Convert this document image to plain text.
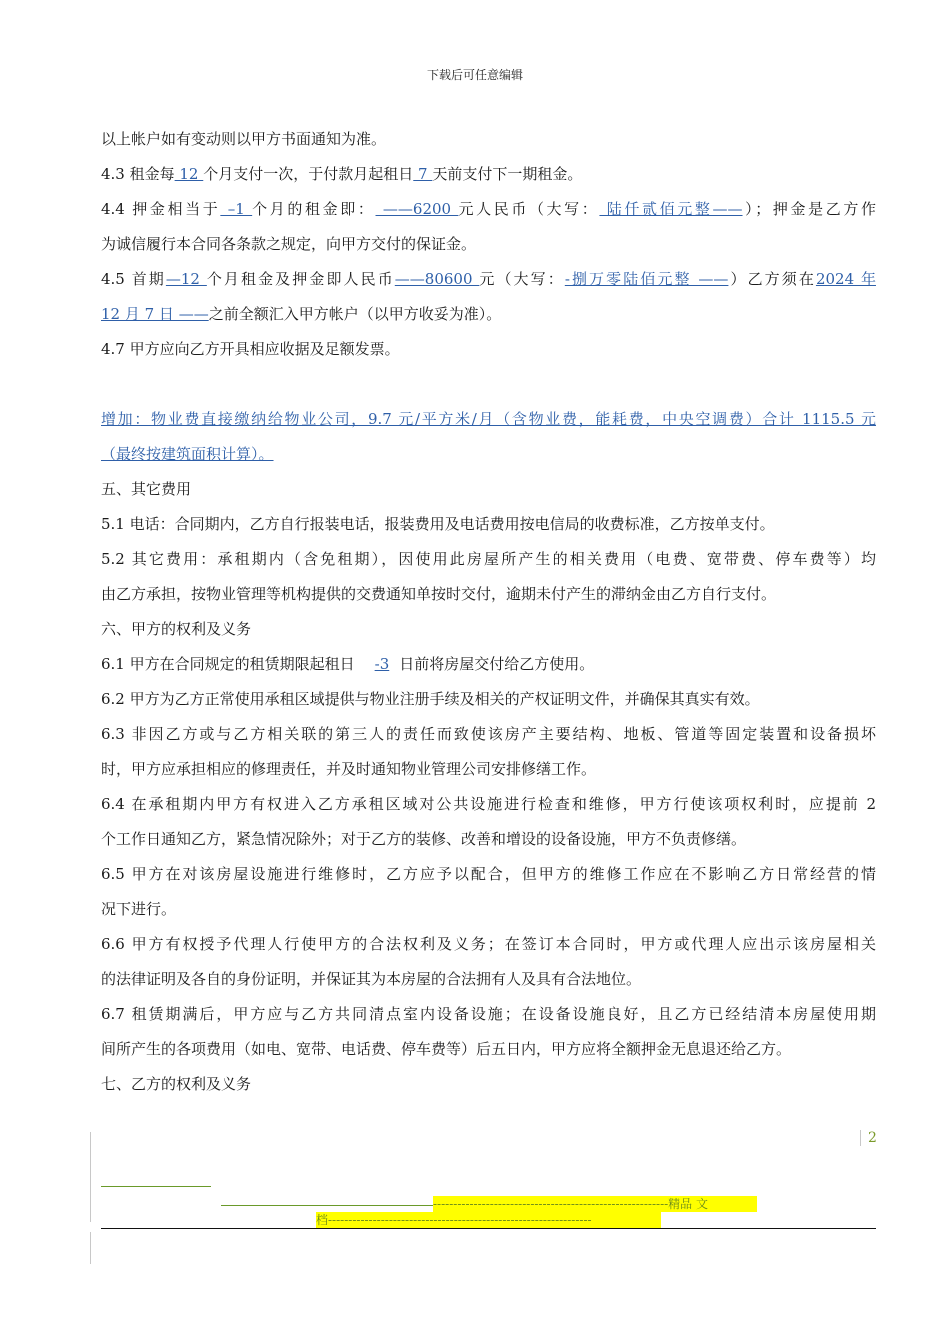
下载后可任意编辑
以上帐户如有变动则以甲方书面通知为准。
4.3 租金每 12 个月支付一次，于付款月起租日 7 天前支付下一期租金。
4.4 押金相当于 –1 个月的租金即： ——6200 元人民币（大写： 陆仟贰佰元整——）；押金是乙方作
为诚信履行本合同各条款之规定，向甲方交付的保证金。
4.5 首期—12 个月租金及押金即人民币——80600 元（大写：-捌万零陆佰元整 ——）乙方须在2024 年
12 月 7 日 ——之前全额汇入甲方帐户（以甲方收妥为准）。
4.7 甲方应向乙方开具相应收据及足额发票。
增加：物业费直接缴纳给物业公司，9.7 元/平方米/月（含物业费，能耗费，中央空调费）合计 1115.5 元
（最终按建筑面积计算）。
五、其它费用
5.1 电话：合同期内，乙方自行报装电话，报装费用及电话费用按电信局的收费标准，乙方按单支付。
5.2 其它费用：承租期内（含免租期），因使用此房屋所产生的相关费用（电费、宽带费、停车费等）均
由乙方承担，按物业管理等机构提供的交费通知单按时交付，逾期未付产生的滞纳金由乙方自行支付。
六、甲方的权利及义务
6.1 甲方在合同规定的租赁期限起租日 -3 日前将房屋交付给乙方使用。
6.2 甲方为乙方正常使用承租区域提供与物业注册手续及相关的产权证明文件，并确保其真实有效。
6.3 非因乙方或与乙方相关联的第三人的责任而致使该房产主要结构、地板、管道等固定装置和设备损坏
时，甲方应承担相应的修理责任，并及时通知物业管理公司安排修缮工作。
6.4 在承租期内甲方有权进入乙方承租区域对公共设施进行检查和维修，甲方行使该项权利时，应提前 2
个工作日通知乙方，紧急情况除外；对于乙方的装修、改善和增设的设备设施，甲方不负责修缮。
6.5 甲方在对该房屋设施进行维修时，乙方应予以配合，但甲方的维修工作应在不影响乙方日常经营的情
况下进行。
6.6 甲方有权授予代理人行使甲方的合法权利及义务；在签订本合同时，甲方或代理人应出示该房屋相关
的法律证明及各自的身份证明，并保证其为本房屋的合法拥有人及具有合法地位。
6.7 租赁期满后，甲方应与乙方共同清点室内设备设施；在设备设施良好，且乙方已经结清本房屋使用期
间所产生的各项费用（如电、宽带、电话费、停车费等）后五日内，甲方应将全额押金无息退还给乙方。
七、乙方的权利及义务
2
----------------------------------------------------------精品 文
档-----------------------------------------------------------------
